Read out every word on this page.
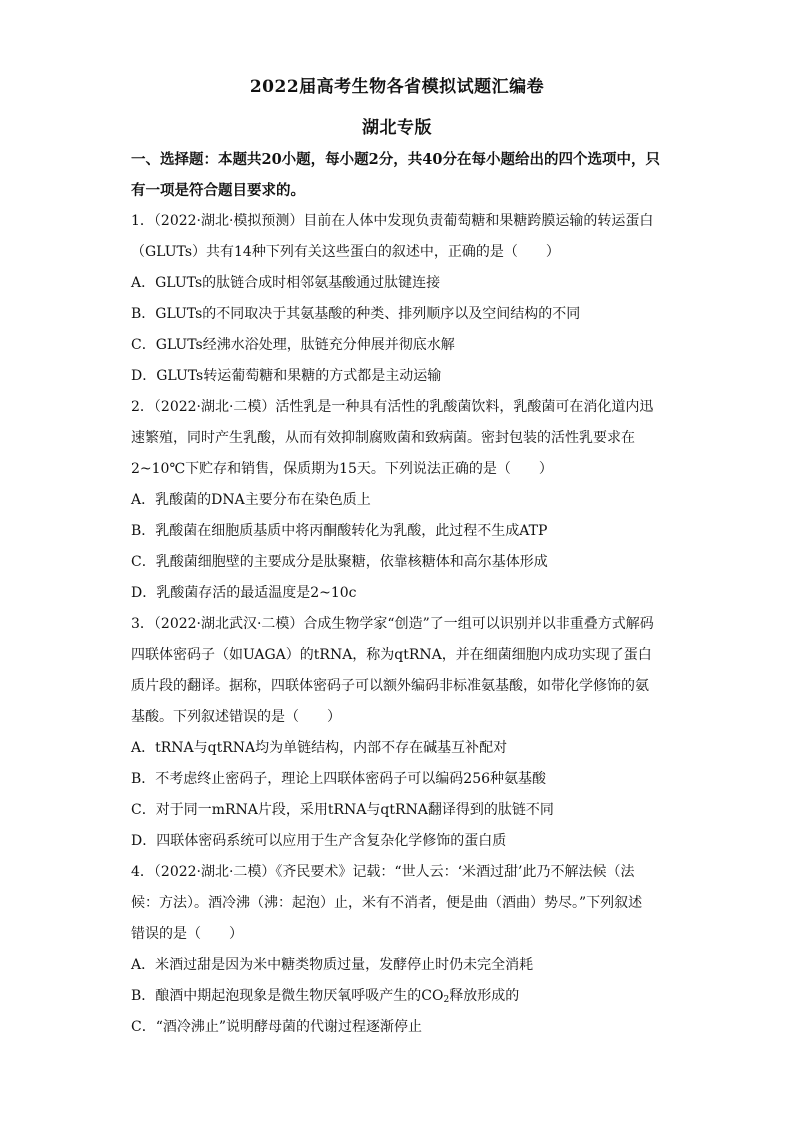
2022届高考生物各省模拟试题汇编卷
湖北专版
一、选择题：本题共20小题，每小题2分，共40分在每小题给出的四个选项中，只
有一项是符合题目要求的。
1．（2022·湖北·模拟预测）目前在人体中发现负责葡萄糖和果糖跨膜运输的转运蛋白
（GLUTs）共有14种下列有关这些蛋白的叙述中，正确的是（　　）
A．GLUTs的肽链合成时相邻氨基酸通过肽键连接
B．GLUTs的不同取决于其氨基酸的种类、排列顺序以及空间结构的不同
C．GLUTs经沸水浴处理，肽链充分伸展并彻底水解
D．GLUTs转运葡萄糖和果糖的方式都是主动运输
2．（2022·湖北·二模）活性乳是一种具有活性的乳酸菌饮料，乳酸菌可在消化道内迅
速繁殖，同时产生乳酸，从而有效抑制腐败菌和致病菌。密封包装的活性乳要求在
2~10℃下贮存和销售，保质期为15天。下列说法正确的是（　　）
A．乳酸菌的DNA主要分布在染色质上
B．乳酸菌在细胞质基质中将丙酮酸转化为乳酸，此过程不生成ATP
C．乳酸菌细胞壁的主要成分是肽聚糖，依靠核糖体和高尔基体形成
D．乳酸菌存活的最适温度是2~10c
3．（2022·湖北武汉·二模）合成生物学家“创造”了一组可以识别并以非重叠方式解码
四联体密码子（如UAGA）的tRNA，称为qtRNA，并在细菌细胞内成功实现了蛋白
质片段的翻译。据称，四联体密码子可以额外编码非标准氨基酸，如带化学修饰的氨
基酸。下列叙述错误的是（　　）
A．tRNA与qtRNA均为单链结构，内部不存在碱基互补配对
B．不考虑终止密码子，理论上四联体密码子可以编码256种氨基酸
C．对于同一mRNA片段，采用tRNA与qtRNA翻译得到的肽链不同
D．四联体密码系统可以应用于生产含复杂化学修饰的蛋白质
4．（2022·湖北·二模）《齐民要术》记载：“世人云：‘米酒过甜’此乃不解法候（法
候：方法）。酒冷沸（沸：起泡）止，米有不消者，便是曲（酒曲）势尽。”下列叙述
错误的是（　　）
A．米酒过甜是因为米中糖类物质过量，发酵停止时仍未完全消耗
B．酿酒中期起泡现象是微生物厌氧呼吸产生的$CO_2$释放形成的
C．“酒冷沸止”说明酵母菌的代谢过程逐渐停止
